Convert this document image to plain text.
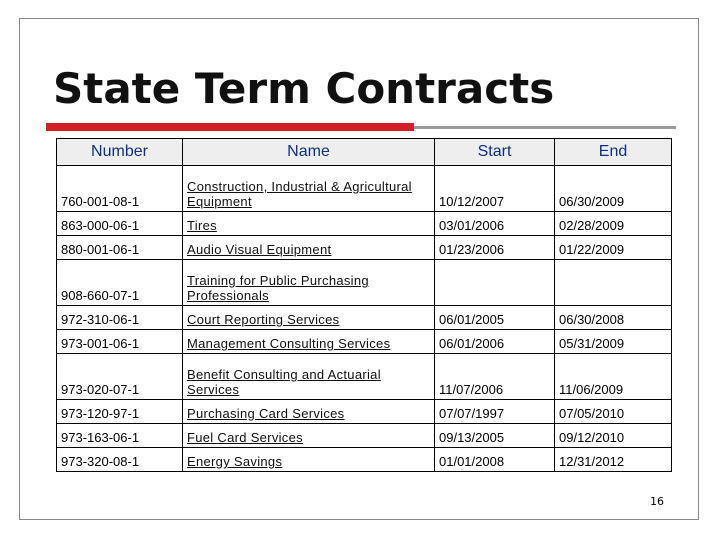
State Term Contracts
Number	Name	Start	End
760-001-08-1	Construction, Industrial & Agricultural Equipment	10/12/2007	06/30/2009
863-000-06-1	Tires	03/01/2006	02/28/2009
880-001-06-1	Audio Visual Equipment	01/23/2006	01/22/2009
908-660-07-1	Training for Public Purchasing Professionals		
972-310-06-1	Court Reporting Services	06/01/2005	06/30/2008
973-001-06-1	Management Consulting Services	06/01/2006	05/31/2009
973-020-07-1	Benefit Consulting and Actuarial Services	11/07/2006	11/06/2009
973-120-97-1	Purchasing Card Services	07/07/1997	07/05/2010
973-163-06-1	Fuel Card Services	09/13/2005	09/12/2010
973-320-08-1	Energy Savings	01/01/2008	12/31/2012
16
